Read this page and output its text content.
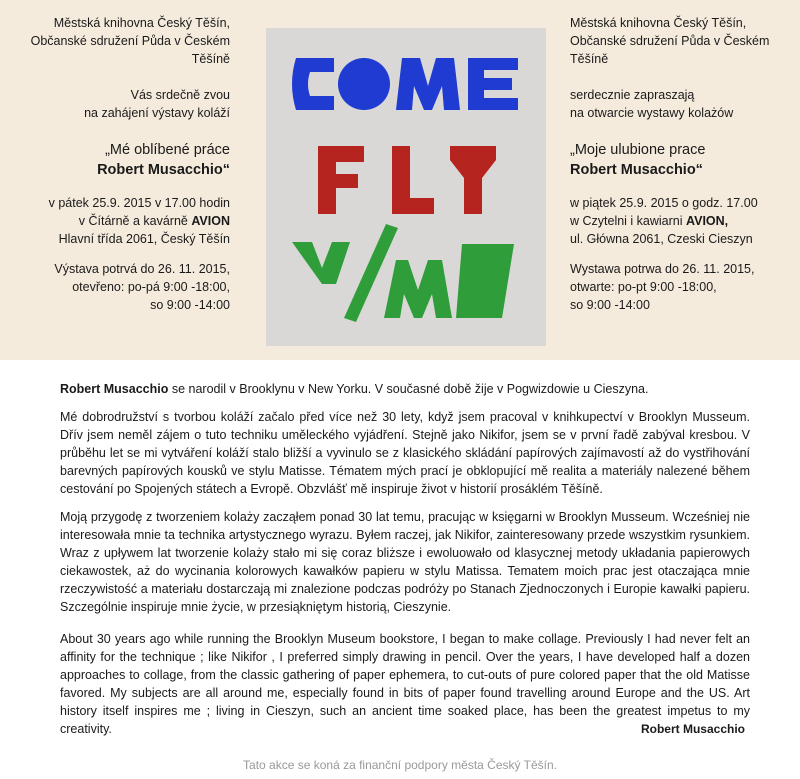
Městská knihovna Český Těšín,
Občanské sdružení Půda v Českém Těšíně

Vás srdečně zvou
na zahájení výstavy koláží

„Mé oblíbené práce
Robert Musacchio“

v pátek 25.9. 2015 v 17.00 hodin
v Čítárně a kavárně AVION
Hlavní třída 2061, Český Těšín

Výstava potrvá do 26. 11. 2015,
otevřeno: po-pá 9:00 -18:00,
so 9:00 -14:00

Městská knihovna Český Těšín,
Občanské sdružení Půda v Českém Těšíně

serdecznie zapraszają
na otwarcie wystawy kolażów

„Moje ulubione prace
Robert Musacchio“

w piątek 25.9. 2015 o godz. 17.00
w Czytelni i kawiarni AVION,
ul. Główna 2061, Czeski Cieszyn

Wystawa potrwa do 26. 11. 2015,
otwarte: po-pt 9:00 -18:00,
so 9:00 -14:00

Robert Musacchio se narodil v Brooklynu v New Yorku. V současné době žije v Pogwizdowie u Cieszyna.

Mé dobrodružství s tvorbou koláží začalo před více než 30 lety, když jsem pracoval v knihkupectví v Brooklyn Musseum. Dřív jsem neměl zájem o tuto techniku uměleckého vyjádření. Stejně jako Nikifor, jsem se v první řadě zabýval kresbou. V průběhu let se mi vytváření koláží stalo bližší a vyvinulo se z klasického skládání papírových zajímavostí až do vystřihování barevných papírových kousků ve stylu Matisse. Tématem mých prací je obklopující mě realita a materiály nalezené během cestování po Spojených státech a Evropě. Obzvlášť mě inspiruje život v historií prosáklém Těšíně.

Moją przygodę z tworzeniem kolaży zacząłem ponad 30 lat temu, pracując w księgarni w Brooklyn Musseum. Wcześniej nie interesowała mnie ta technika artystycznego wyrazu. Byłem raczej, jak Nikifor, zainteresowany przede wszystkim rysunkiem. Wraz z upływem lat tworzenie kolaży stało mi się coraz bliższe i ewoluowało od klasycznej metody układania papierowych ciekawostek, aż do wycinania kolorowych kawałków papieru w stylu Matissa. Tematem moich prac jest otaczająca mnie rzeczywistość a materiału dostarczają mi znalezione podczas podróży po Stanach Zjednoczonych i Europie kawałki papieru. Szczególnie inspiruje mnie życie, w przesiąkniętym historią, Cieszynie.

About 30 years ago while running the Brooklyn Museum bookstore, I began to make collage. Previously I had never felt an affinity for the technique ; like Nikifor , I preferred simply drawing in pencil. Over the years, I have developed half a dozen approaches to collage, from the classic gathering of paper ephemera, to cut-outs of pure colored paper that the old Matisse favored. My subjects are all around me, especially found in bits of paper found travelling around Europe and the US. Art history itself inspires me ; living in Cieszyn, such an ancient time soaked place, has been the greatest impetus to my creativity.	Robert Musacchio
Tato akce se koná za finanční podpory města Český Těšín.
